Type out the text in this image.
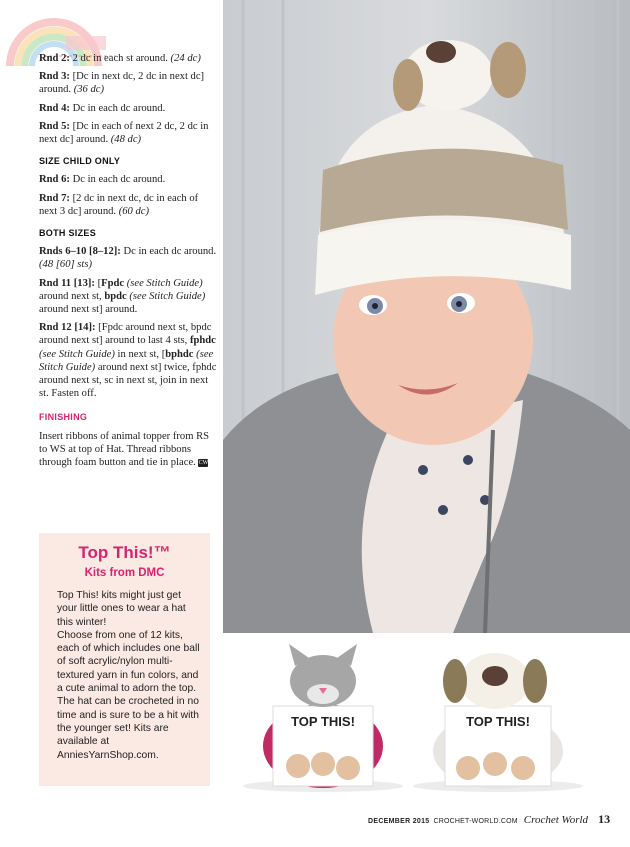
Rnd 2: 2 dc in each st around. (24 dc)

Rnd 3: [Dc in next dc, 2 dc in next dc] around. (36 dc)

Rnd 4: Dc in each dc around.

Rnd 5: [Dc in each of next 2 dc, 2 dc in next dc] around. (48 dc)

SIZE CHILD ONLY

Rnd 6: Dc in each dc around.

Rnd 7: [2 dc in next dc, dc in each of next 3 dc] around. (60 dc)

BOTH SIZES

Rnds 6–10 [8–12]: Dc in each dc around. (48 [60] sts)

Rnd 11 [13]: [Fpdc (see Stitch Guide) around next st, bpdc (see Stitch Guide) around next st] around.

Rnd 12 [14]: [Fpdc around next st, bpdc around next st] around to last 4 sts, fphdc (see Stitch Guide) in next st, [bphdc (see Stitch Guide) around next st] twice, fphdc around next st, sc in next st, join in next st. Fasten off.

FINISHING

Insert ribbons of animal topper from RS to WS at top of Hat. Thread ribbons through foam button and tie in place. CW

Top This!™
Kits from DMC

Top This! kits might just get your little ones to wear a hat this winter!

Choose from one of 12 kits, each of which includes one ball of soft acrylic/nylon multi-textured yarn in fun colors, and a cute animal to adorn the top. The hat can be crocheted in no time and is sure to be a hit with the younger set! Kits are available at AnniesYarnShop.com.

TOP THIS!	TOP THIS!
DECEMBER 2015 CROCHET-WORLD.COM Crochet World 13
